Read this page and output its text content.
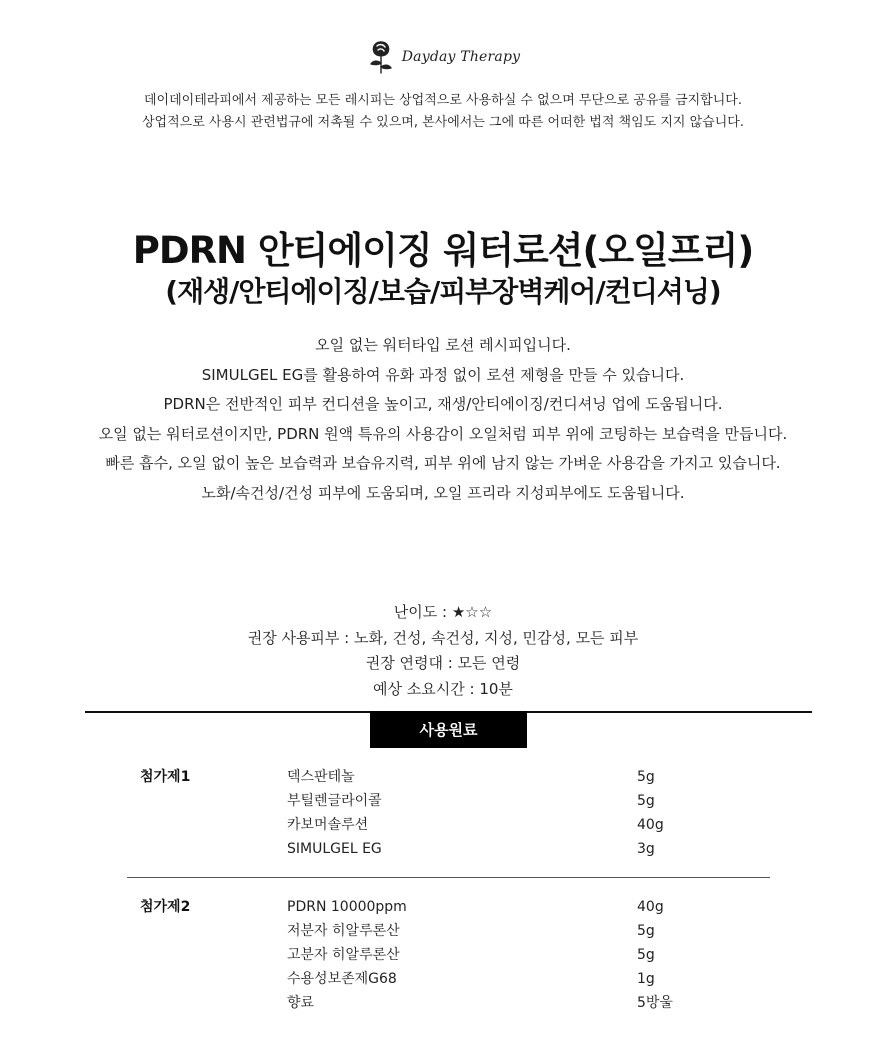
Dayday Therapy
데이데이테라피에서 제공하는 모든 레시피는 상업적으로 사용하실 수 없으며 무단으로 공유를 금지합니다.
상업적으로 사용시 관련법규에 저촉될 수 있으며, 본사에서는 그에 따른 어떠한 법적 책임도 지지 않습니다.
PDRN 안티에이징 워터로션(오일프리)
(재생/안티에이징/보습/피부장벽케어/컨디셔닝)
오일 없는 워터타입 로션 레시피입니다.
SIMULGEL EG를 활용하여 유화 과정 없이 로션 제형을 만들 수 있습니다.
PDRN은 전반적인 피부 컨디션을 높이고, 재생/안티에이징/컨디셔닝 업에 도움됩니다.
오일 없는 워터로션이지만, PDRN 원액 특유의 사용감이 오일처럼 피부 위에 코팅하는 보습력을 만듭니다.
빠른 흡수, 오일 없이 높은 보습력과 보습유지력, 피부 위에 남지 않는 가벼운 사용감을 가지고 있습니다.
노화/속건성/건성 피부에 도움되며, 오일 프리라 지성피부에도 도움됩니다.
난이도 : ★☆☆
권장 사용피부 : 노화, 건성, 속건성, 지성, 민감성, 모든 피부
권장 연령대 : 모든 연령
예상 소요시간 : 10분
사용원료
첨가제1	덱스판테놀	5g
부틸렌글라이콜	5g
카보머솔루션	40g
SIMULGEL EG	3g
첨가제2	PDRN 10000ppm	40g
저분자 히알루론산	5g
고분자 히알루론산	5g
수용성보존제G68	1g
향료	5방울
